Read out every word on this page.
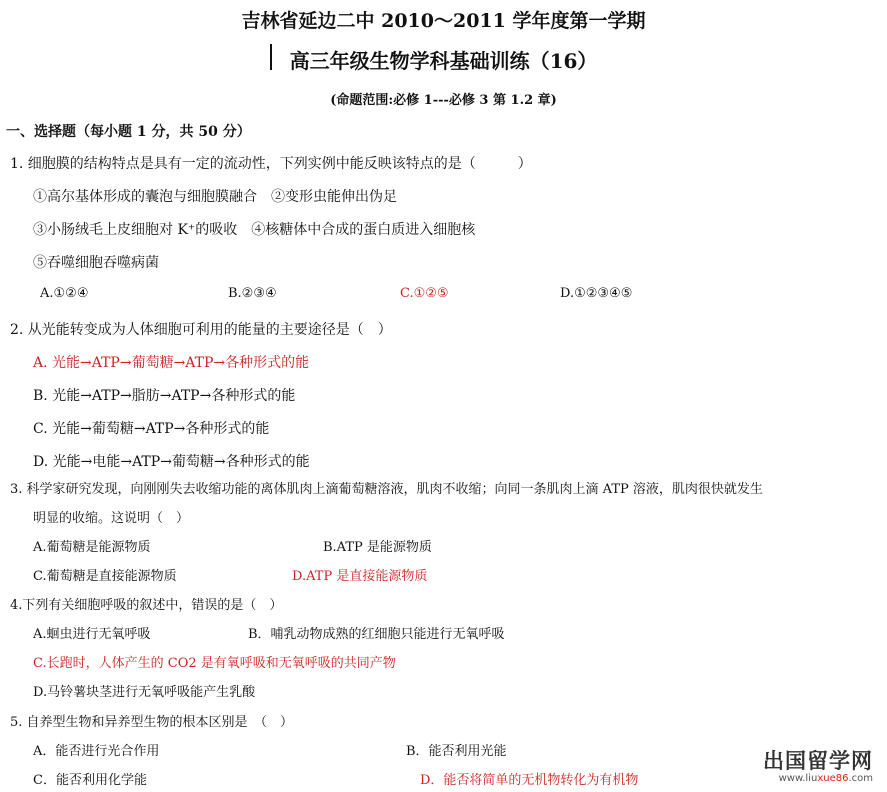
吉林省延边二中 2010～2011 学年度第一学期
高三年级生物学科基础训练（16）
(命题范围:必修 1---必修 3 第 1.2 章)
一、选择题（每小题 1 分，共 50 分）
1. 细胞膜的结构特点是具有一定的流动性，下列实例中能反映该特点的是（　　　）
①高尔基体形成的囊泡与细胞膜融合　②变形虫能伸出伪足
③小肠绒毛上皮细胞对 K⁺的吸收　④核糖体中合成的蛋白质进入细胞核
⑤吞噬细胞吞噬病菌
A.①②④	B.②③④	C.①②⑤	D.①②③④⑤
2. 从光能转变成为人体细胞可利用的能量的主要途径是（　）
A. 光能→ATP→葡萄糖→ATP→各种形式的能
B. 光能→ATP→脂肪→ATP→各种形式的能
C. 光能→葡萄糖→ATP→各种形式的能
D. 光能→电能→ATP→葡萄糖→各种形式的能
3. 科学家研究发现，向刚刚失去收缩功能的离体肌肉上滴葡萄糖溶液，肌肉不收缩；向同一条肌肉上滴 ATP 溶液，肌肉很快就发生
明显的收缩。这说明（　）
A.葡萄糖是能源物质	B.ATP 是能源物质
C.葡萄糖是直接能源物质	D.ATP 是直接能源物质
4.下列有关细胞呼吸的叙述中，错误的是（　）
A.蛔虫进行无氧呼吸	B．哺乳动物成熟的红细胞只能进行无氧呼吸
C.长跑时，人体产生的 CO2 是有氧呼吸和无氧呼吸的共同产物
D.马铃薯块茎进行无氧呼吸能产生乳酸
5. 自养型生物和异养型生物的根本区别是　（　）
A．能否进行光合作用	B．能否利用光能
C．能否利用化学能	D．能否将简单的无机物转化为有机物
出国留学网
www.liuxue86.com
